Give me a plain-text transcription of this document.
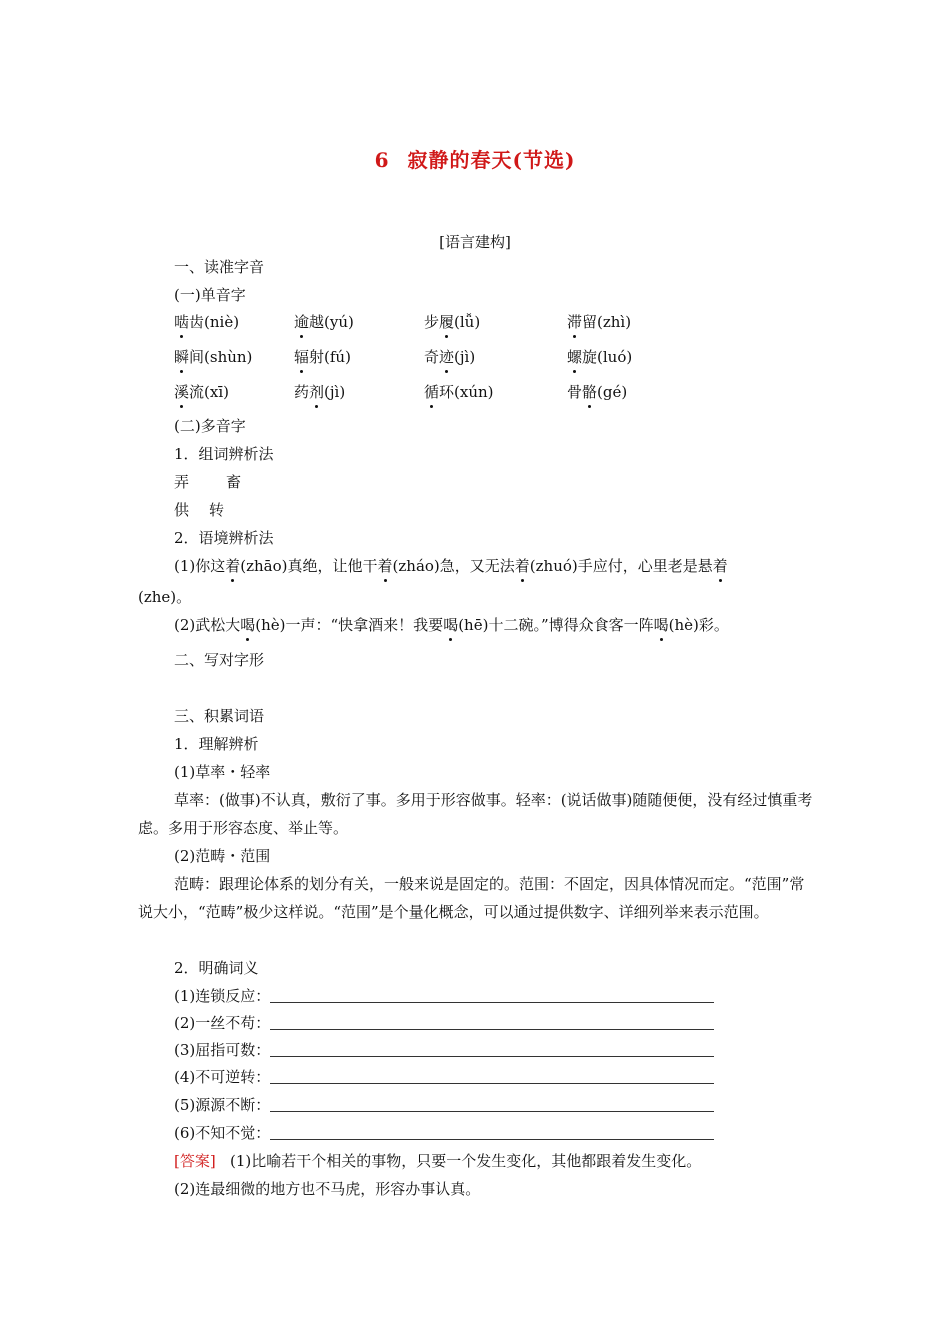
6 寂静的春天(节选)
[语言建构]
一、读准字音
(一)单音字
啮齿(niè)	逾越(yú)	步履(lǚ)	滞留(zhì)
瞬间(shùn)	辐射(fú)	奇迹(jì)	螺旋(luó)
溪流(xī)	药剂(jì)	循环(xún)	骨骼(gé)
(二)多音字
1．组词辨析法
弄 畜
供 转
2．语境辨析法
(1)你这着(zhāo)真绝，让他干着(zháo)急，又无法着(zhuó)手应付，心里老是悬着
(zhe)。
(2)武松大喝(hè)一声：“快拿酒来！我要喝(hē)十二碗。”博得众食客一阵喝(hè)彩。
二、写对字形
三、积累词语
1．理解辨析
(1)草率・轻率
草率：(做事)不认真，敷衍了事。多用于形容做事。轻率：(说话做事)随随便便，没有经过慎重考虑。多用于形容态度、举止等。
(2)范畴・范围
范畴：跟理论体系的划分有关，一般来说是固定的。范围：不固定，因具体情况而定。“范围”常说大小，“范畴”极少这样说。“范围”是个量化概念，可以通过提供数字、详细列举来表示范围。
2．明确词义
(1)连锁反应：
(2)一丝不苟：
(3)屈指可数：
(4)不可逆转：
(5)源源不断：
(6)不知不觉：
[答案] (1)比喻若干个相关的事物，只要一个发生变化，其他都跟着发生变化。
(2)连最细微的地方也不马虎，形容办事认真。
